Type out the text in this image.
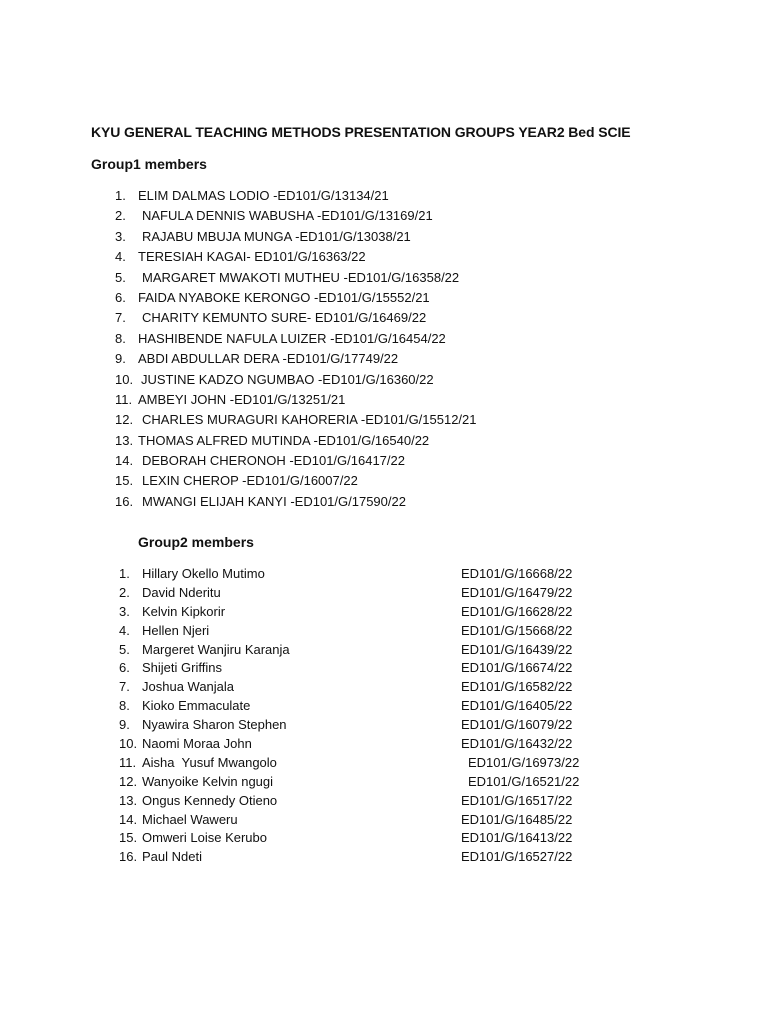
KYU GENERAL TEACHING METHODS PRESENTATION GROUPS YEAR2 Bed SCIE
Group1 members
1. ELIM DALMAS LODIO -ED101/G/13134/21
2. NAFULA DENNIS WABUSHA -ED101/G/13169/21
3. RAJABU MBUJA MUNGA -ED101/G/13038/21
4. TERESIAH KAGAI- ED101/G/16363/22
5. MARGARET MWAKOTI MUTHEU -ED101/G/16358/22
6. FAIDA NYABOKE KERONGO -ED101/G/15552/21
7. CHARITY KEMUNTO SURE- ED101/G/16469/22
8. HASHIBENDE NAFULA LUIZER -ED101/G/16454/22
9. ABDI ABDULLAR DERA -ED101/G/17749/22
10. JUSTINE KADZO NGUMBAO -ED101/G/16360/22
11. AMBEYI JOHN -ED101/G/13251/21
12. CHARLES MURAGURI KAHORERIA -ED101/G/15512/21
13. THOMAS ALFRED MUTINDA -ED101/G/16540/22
14. DEBORAH CHERONOH -ED101/G/16417/22
15. LEXIN CHEROP -ED101/G/16007/22
16. MWANGI ELIJAH KANYI -ED101/G/17590/22
Group2 members
1. Hillary Okello Mutimo	ED101/G/16668/22
2. David Nderitu	ED101/G/16479/22
3. Kelvin Kipkorir	ED101/G/16628/22
4. Hellen Njeri	ED101/G/15668/22
5. Margeret Wanjiru Karanja	ED101/G/16439/22
6. Shijeti Griffins	ED101/G/16674/22
7. Joshua Wanjala	ED101/G/16582/22
8. Kioko Emmaculate	ED101/G/16405/22
9. Nyawira Sharon Stephen	ED101/G/16079/22
10. Naomi Moraa John	ED101/G/16432/22
11. Aisha  Yusuf Mwangolo	ED101/G/16973/22
12. Wanyoike Kelvin ngugi	ED101/G/16521/22
13. Ongus Kennedy Otieno	ED101/G/16517/22
14. Michael Waweru	ED101/G/16485/22
15. Omweri Loise Kerubo	ED101/G/16413/22
16. Paul Ndeti	ED101/G/16527/22
